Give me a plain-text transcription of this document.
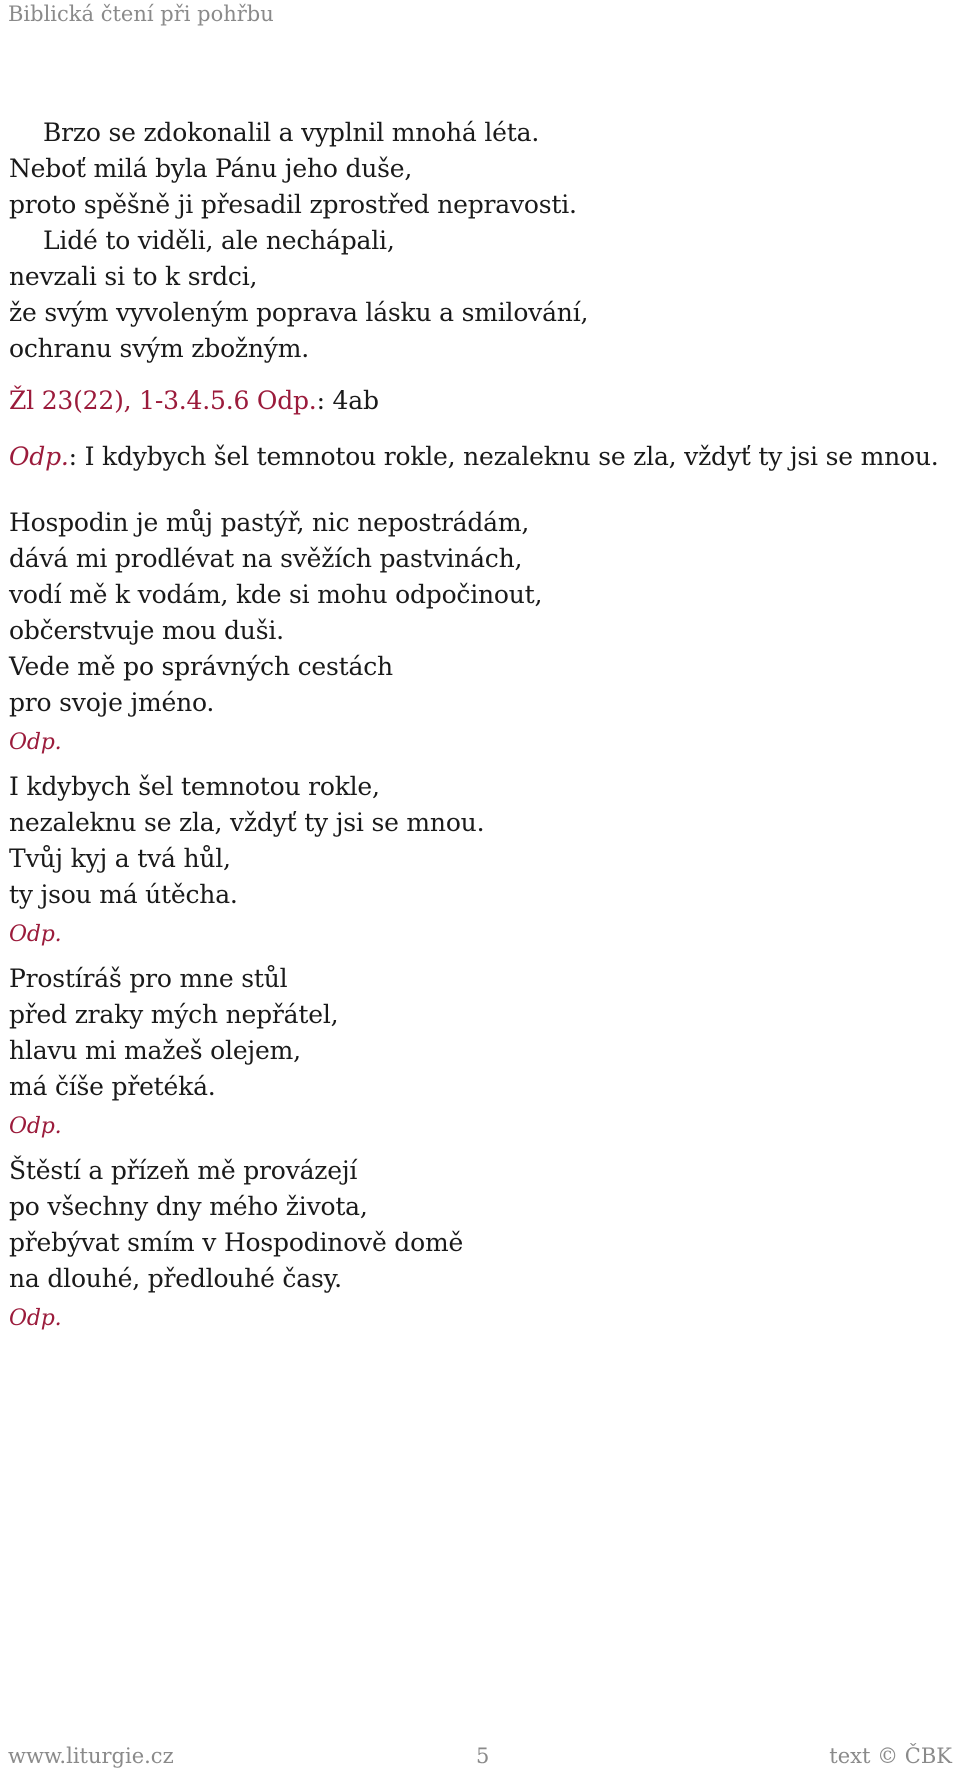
Biblická čtení při pohřbu
Brzo se zdokonalil a vyplnil mnohá léta.
Neboť milá byla Pánu jeho duše,
proto spěšně ji přesadil zprostřed nepravosti.
Lidé to viděli, ale nechápali,
nevzali si to k srdci,
že svým vyvoleným poprava lásku a smilování,
ochranu svým zbožným.
Žl 23(22), 1-3.4.5.6 Odp.: 4ab
Odp.: I kdybych šel temnotou rokle, nezaleknu se zla, vždyť ty jsi se mnou.
Hospodin je můj pastýř, nic nepostrádám,
dává mi prodlévat na svěžích pastvinách,
vodí mě k vodám, kde si mohu odpočinout,
občerstvuje mou duši.
Vede mě po správných cestách
pro svoje jméno.
Odp.
I kdybych šel temnotou rokle,
nezaleknu se zla, vždyť ty jsi se mnou.
Tvůj kyj a tvá hůl,
ty jsou má útěcha.
Odp.
Prostíráš pro mne stůl
před zraky mých nepřátel,
hlavu mi mažeš olejem,
má číše přetéká.
Odp.
Štěstí a přízeň mě provázejí
po všechny dny mého života,
přebývat smím v Hospodinově domě
na dlouhé, předlouhé časy.
Odp.
www.liturgie.cz	5	text © ČBK
